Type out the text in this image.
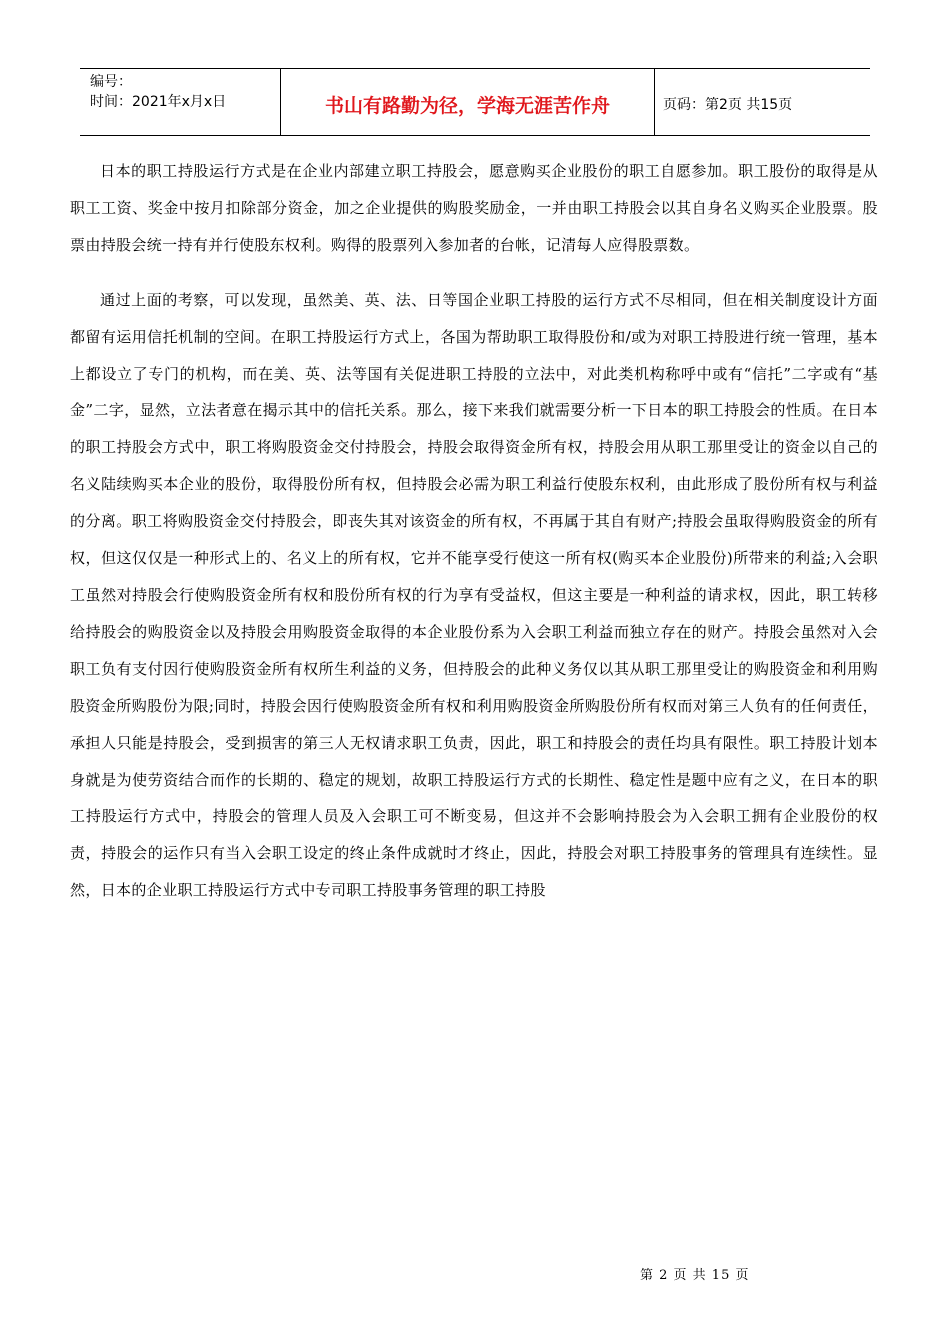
编号：
时间：2021年x月x日	书山有路勤为径，学海无涯苦作舟	页码：第2页 共15页

日本的职工持股运行方式是在企业内部建立职工持股会，愿意购买企业股份的职工自愿参加。职工股份的取得是从职工工资、奖金中按月扣除部分资金，加之企业提供的购股奖励金，一并由职工持股会以其自身名义购买企业股票。股票由持股会统一持有并行使股东权利。购得的股票列入参加者的台帐，记清每人应得股票数。

通过上面的考察，可以发现，虽然美、英、法、日等国企业职工持股的运行方式不尽相同，但在相关制度设计方面都留有运用信托机制的空间。在职工持股运行方式上，各国为帮助职工取得股份和/或为对职工持股进行统一管理，基本上都设立了专门的机构，而在美、英、法等国有关促进职工持股的立法中，对此类机构称呼中或有“信托”二字或有“基金”二字，显然，立法者意在揭示其中的信托关系。那么，接下来我们就需要分析一下日本的职工持股会的性质。在日本的职工持股会方式中，职工将购股资金交付持股会，持股会取得资金所有权，持股会用从职工那里受让的资金以自己的名义陆续购买本企业的股份，取得股份所有权，但持股会必需为职工利益行使股东权利，由此形成了股份所有权与利益的分离。职工将购股资金交付持股会，即丧失其对该资金的所有权，不再属于其自有财产;持股会虽取得购股资金的所有权，但这仅仅是一种形式上的、名义上的所有权，它并不能享受行使这一所有权(购买本企业股份)所带来的利益;入会职工虽然对持股会行使购股资金所有权和股份所有权的行为享有受益权，但这主要是一种利益的请求权，因此，职工转移给持股会的购股资金以及持股会用购股资金取得的本企业股份系为入会职工利益而独立存在的财产。持股会虽然对入会职工负有支付因行使购股资金所有权所生利益的义务，但持股会的此种义务仅以其从职工那里受让的购股资金和利用购股资金所购股份为限;同时，持股会因行使购股资金所有权和利用购股资金所购股份所有权而对第三人负有的任何责任，承担人只能是持股会，受到损害的第三人无权请求职工负责，因此，职工和持股会的责任均具有限性。职工持股计划本身就是为使劳资结合而作的长期的、稳定的规划，故职工持股运行方式的长期性、稳定性是题中应有之义，在日本的职工持股运行方式中，持股会的管理人员及入会职工可不断变易，但这并不会影响持股会为入会职工拥有企业股份的权责，持股会的运作只有当入会职工设定的终止条件成就时才终止，因此，持股会对职工持股事务的管理具有连续性。显然，日本的企业职工持股运行方式中专司职工持股事务管理的职工持股

第 2 页 共 15 页
